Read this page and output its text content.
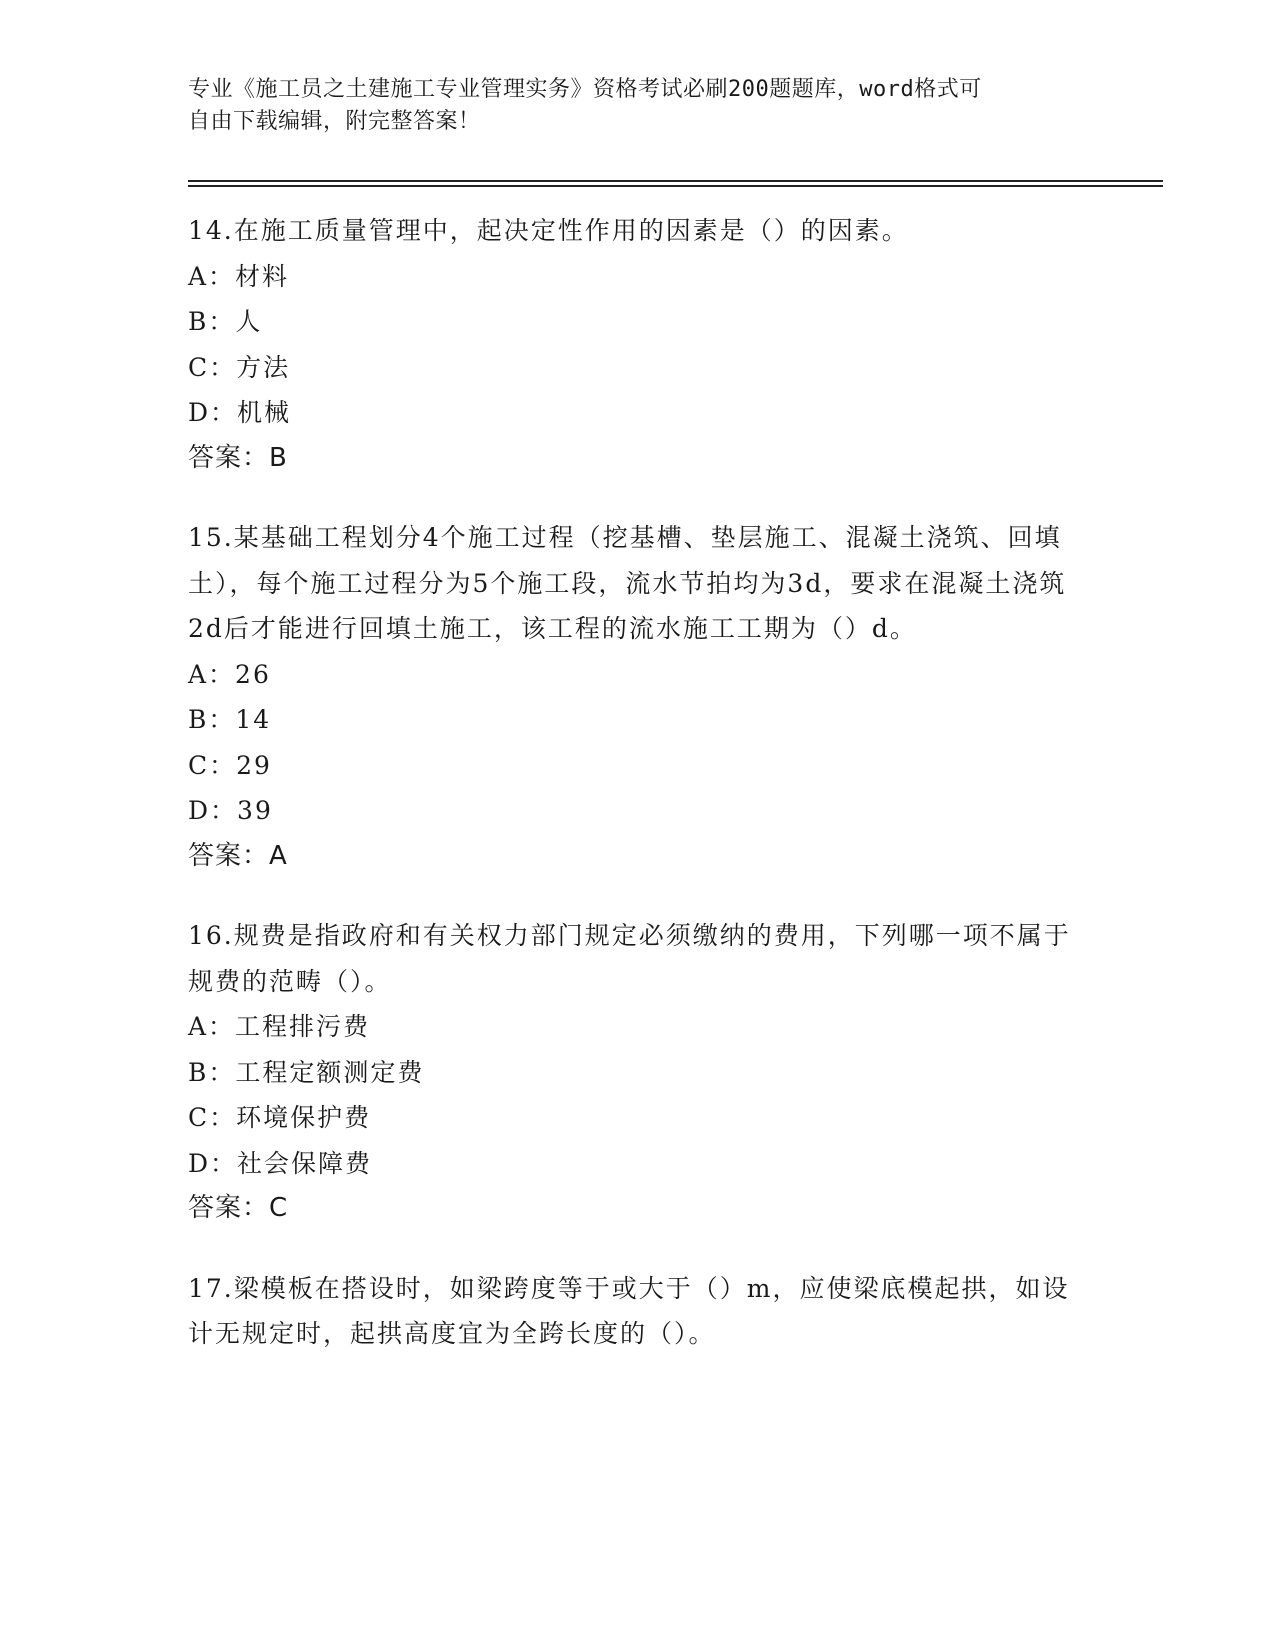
专业《施工员之土建施工专业管理实务》资格考试必刷200题题库，word格式可
自由下载编辑，附完整答案！

14.在施工质量管理中，起决定性作用的因素是（）的因素。

A：材料

B：人

C：方法

D：机械

答案：B

15.某基础工程划分4个施工过程（挖基槽、垫层施工、混凝土浇筑、回填土），每个施工过程分为5个施工段，流水节拍均为3d，要求在混凝土浇筑2d后才能进行回填土施工，该工程的流水施工工期为（）d。

A：26

B：14

C：29

D：39

答案：A

16.规费是指政府和有关权力部门规定必须缴纳的费用，下列哪一项不属于规费的范畴（）。

A：工程排污费

B：工程定额测定费

C：环境保护费

D：社会保障费

答案：C

17.梁模板在搭设时，如梁跨度等于或大于（）m，应使梁底模起拱，如设计无规定时，起拱高度宜为全跨长度的（）。
